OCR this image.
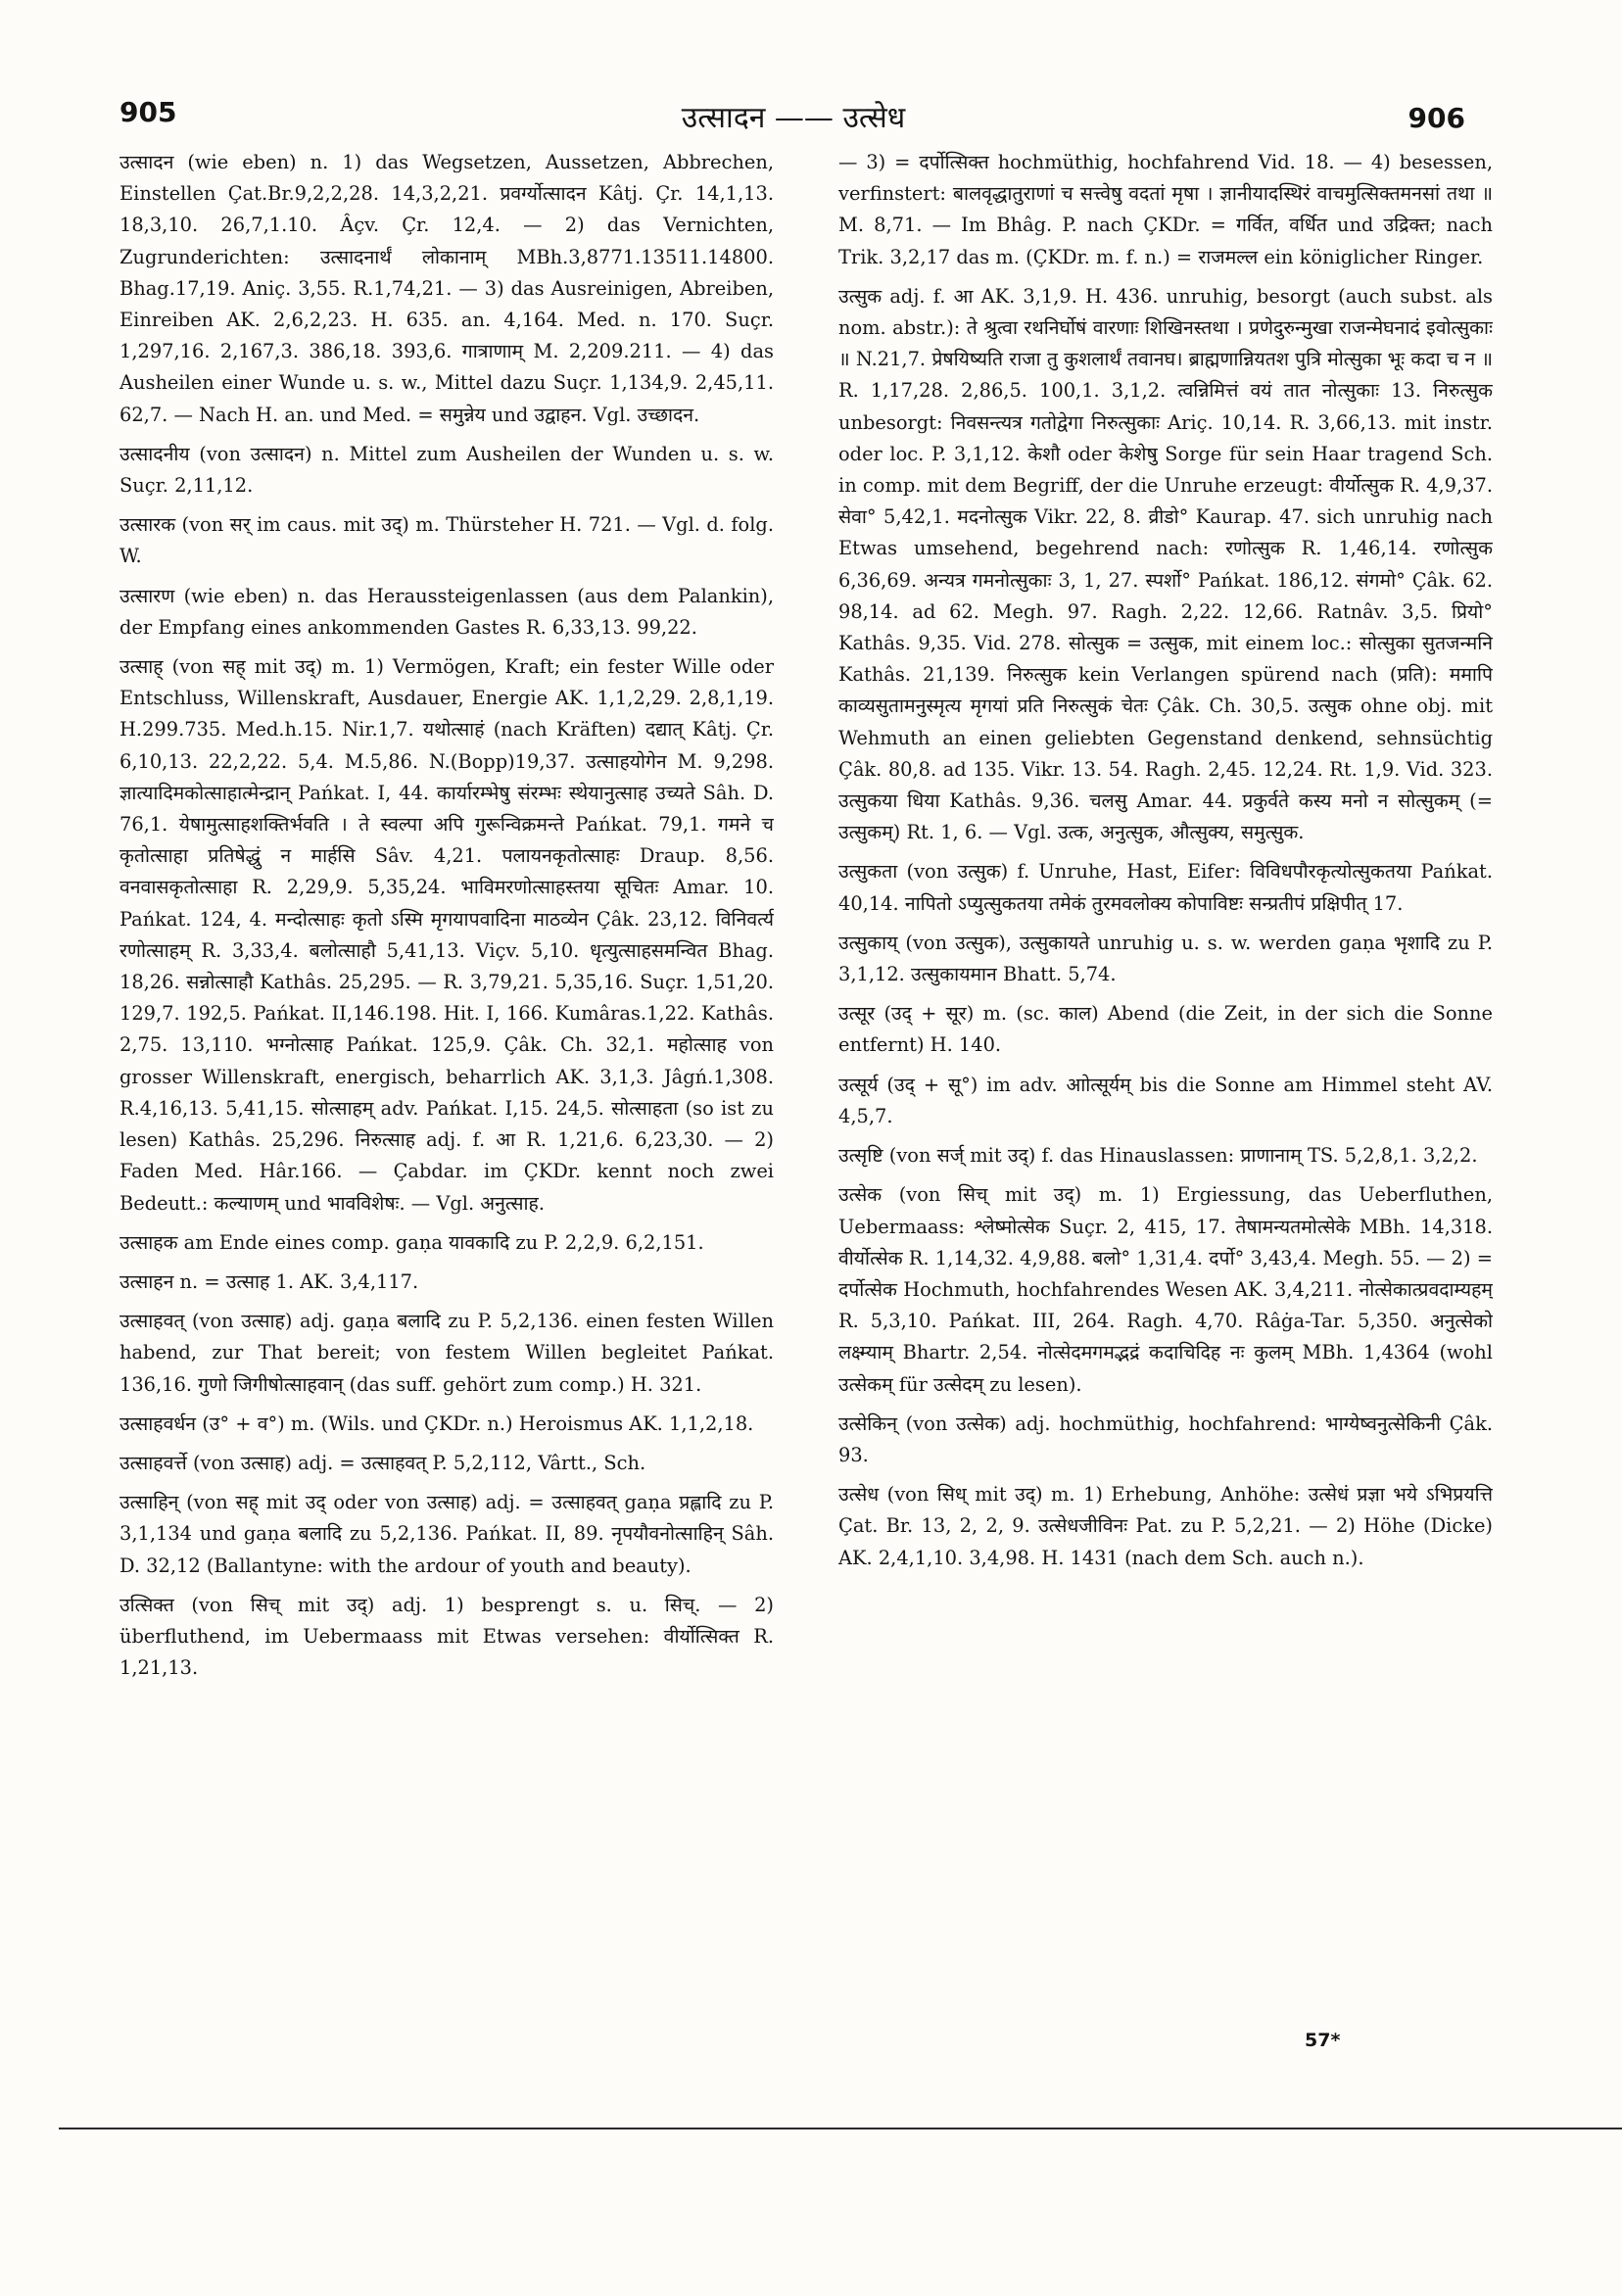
905	उत्सादन —— उत्सेध	906

उत्सादन (wie eben) n. 1) das Wegsetzen, Aussetzen, Abbrechen, Einstellen Çat.Br.9,2,2,28. 14,3,2,21. प्रवर्ग्योत्सादन Kâtj. Çr. 14,1,13. 18,3,10. 26,7,1.10. Âçv. Çr. 12,4. — 2) das Vernichten, Zugrunderichten: उत्सादनार्थं लोकानाम् MBh.3,8771.13511.14800. Bhag.17,19. Aniç. 3,55. R.1,74,21. — 3) das Ausreinigen, Abreiben, Einreiben AK. 2,6,2,23. H. 635. an. 4,164. Med. n. 170. Suçr. 1,297,16. 2,167,3. 386,18. 393,6. गात्राणाम् M. 2,209.211. — 4) das Ausheilen einer Wunde u. s. w., Mittel dazu Suçr. 1,134,9. 2,45,11. 62,7. — Nach H. an. und Med. = समुन्नेय und उद्वाहन. Vgl. उच्छादन.

उत्सादनीय (von उत्सादन) n. Mittel zum Ausheilen der Wunden u. s. w. Suçr. 2,11,12.

उत्सारक (von सर् im caus. mit उद्) m. Thürsteher H. 721. — Vgl. d. folg. W.

उत्सारण (wie eben) n. das Heraussteigenlassen (aus dem Palankin), der Empfang eines ankommenden Gastes R. 6,33,13. 99,22.

उत्साह् (von सह् mit उद्) m. 1) Vermögen, Kraft; ein fester Wille oder Entschluss, Willenskraft, Ausdauer, Energie AK. 1,1,2,29. 2,8,1,19. H.299.735. Med.h.15. Nir.1,7. यथोत्साहं (nach Kräften) दद्यात् Kâtj. Çr. 6,10,13. 22,2,22. 5,4. M.5,86. N.(Bopp)19,37. उत्साहयोगेन M. 9,298. ज्ञात्यादिमकोत्साहात्मेन्द्रान् Pańkat. I, 44. कार्यारम्भेषु संरम्भः स्थेयानुत्साह उच्यते Sâh. D. 76,1. येषामुत्साहशक्तिर्भवति । ते स्वल्पा अपि गुरून्विक्रमन्ते Pańkat. 79,1. गमने च कृतोत्साहा प्रतिषेद्धुं न मार्हसि Sâv. 4,21. पलायनकृतोत्साहः Draup. 8,56. वनवासकृतोत्साहा R. 2,29,9. 5,35,24. भाविमरणोत्साहस्तया सूचितः Amar. 10. Pańkat. 124, 4. मन्दोत्साहः कृतो ऽस्मि मृगयापवादिना माठव्येन Çâk. 23,12. विनिवर्त्य रणोत्साहम् R. 3,33,4. बलोत्साहौ 5,41,13. Viçv. 5,10. धृत्युत्साहसमन्वित Bhag. 18,26. सन्नोत्साहौ Kathâs. 25,295. — R. 3,79,21. 5,35,16. Suçr. 1,51,20. 129,7. 192,5. Pańkat. II,146.198. Hit. I, 166. Kumâras.1,22. Kathâs. 2,75. 13,110. भग्नोत्साह Pańkat. 125,9. Çâk. Ch. 32,1. महोत्साह von grosser Willenskraft, energisch, beharrlich AK. 3,1,3. Jâgń.1,308. R.4,16,13. 5,41,15. सोत्साहम् adv. Pańkat. I,15. 24,5. सोत्साहता (so ist zu lesen) Kathâs. 25,296. निरुत्साह adj. f. आ R. 1,21,6. 6,23,30. — 2) Faden Med. Hâr.166. — Çabdar. im ÇKDr. kennt noch zwei Bedeutt.: कल्याणम् und भावविशेषः. — Vgl. अनुत्साह.

उत्साहक am Ende eines comp. gaṇa यावकादि zu P. 2,2,9. 6,2,151.

उत्साहन n. = उत्साह 1. AK. 3,4,117.

उत्साहवत् (von उत्साह) adj. gaṇa बलादि zu P. 5,2,136. einen festen Willen habend, zur That bereit; von festem Willen begleitet Pańkat. 136,16. गुणो जिगीषोत्साहवान् (das suff. gehört zum comp.) H. 321.

उत्साहवर्धन (उ° + व°) m. (Wils. und ÇKDr. n.) Heroismus AK. 1,1,2,18.

उत्साहवर्त्ते (von उत्साह) adj. = उत्साहवत् P. 5,2,112, Vârtt., Sch.

उत्साहिन् (von सह् mit उद् oder von उत्साह) adj. = उत्साहवत् gaṇa प्रह्लादि zu P. 3,1,134 und gaṇa बलादि zu 5,2,136. Pańkat. II, 89. नृपयौवनोत्साहिन् Sâh. D. 32,12 (Ballantyne: with the ardour of youth and beauty).

उत्सिक्त (von सिच् mit उद्) adj. 1) besprengt s. u. सिच्. — 2) überfluthend, im Uebermaass mit Etwas versehen: वीर्योत्सिक्त R. 1,21,13.

— 3) = दर्पोत्सिक्त hochmüthig, hochfahrend Vid. 18. — 4) besessen, verfinstert: बालवृद्धातुराणां च सत्त्वेषु वदतां मृषा । ज्ञानीयादस्थिरं वाचमुत्सिक्तमनसां तथा ॥ M. 8,71. — Im Bhâg. P. nach ÇKDr. = गर्वित, वर्धित und उद्रिक्त; nach Trik. 3,2,17 das m. (ÇKDr. m. f. n.) = राजमल्ल ein königlicher Ringer.

उत्सुक adj. f. आ AK. 3,1,9. H. 436. unruhig, besorgt (auch subst. als nom. abstr.): ते श्रुत्वा रथनिर्घोषं वारणाः शिखिनस्तथा । प्रणेदुरुन्मुखा राजन्मेघनादं इवोत्सुकाः ॥ N.21,7. प्रेषयिष्यति राजा तु कुशलार्थं तवानघ। ब्राह्मणान्नियतश पुत्रि मोत्सुका भूः कदा च न ॥ R. 1,17,28. 2,86,5. 100,1. 3,1,2. त्वन्निमित्तं वयं तात नोत्सुकाः 13. निरुत्सुक unbesorgt: निवसन्त्यत्र गतोद्वेगा निरुत्सुकाः Ariç. 10,14. R. 3,66,13. mit instr. oder loc. P. 3,1,12. केशौ oder केशेषु Sorge für sein Haar tragend Sch. in comp. mit dem Begriff, der die Unruhe erzeugt: वीर्योत्सुक R. 4,9,37. सेवा° 5,42,1. मदनोत्सुक Vikr. 22, 8. व्रीडो° Kaurap. 47. sich unruhig nach Etwas umsehend, begehrend nach: रणोत्सुक R. 1,46,14. रणोत्सुक 6,36,69. अन्यत्र गमनोत्सुकाः 3, 1, 27. स्पर्शो° Pańkat. 186,12. संगमो° Çâk. 62. 98,14. ad 62. Megh. 97. Ragh. 2,22. 12,66. Ratnâv. 3,5. प्रियो° Kathâs. 9,35. Vid. 278. सोत्सुक = उत्सुक, mit einem loc.: सोत्सुका सुतजन्मनि Kathâs. 21,139. निरुत्सुक kein Verlangen spürend nach (प्रति): ममापि काव्यसुतामनुस्मृत्य मृगयां प्रति निरुत्सुकं चेतः Çâk. Ch. 30,5. उत्सुक ohne obj. mit Wehmuth an einen geliebten Gegenstand denkend, sehnsüchtig Çâk. 80,8. ad 135. Vikr. 13. 54. Ragh. 2,45. 12,24. Rt. 1,9. Vid. 323. उत्सुकया धिया Kathâs. 9,36. चलसु Amar. 44. प्रकुर्वते कस्य मनो न सोत्सुकम् (= उत्सुकम्) Rt. 1, 6. — Vgl. उत्क, अनुत्सुक, औत्सुक्य, समुत्सुक.

उत्सुकता (von उत्सुक) f. Unruhe, Hast, Eifer: विविधपौरकृत्योत्सुकतया Pańkat. 40,14. नापितो ऽप्युत्सुकतया तमेकं तुरमवलोक्य कोपाविष्टः सन्प्रतीपं प्रक्षिपीत् 17.

उत्सुकाय् (von उत्सुक), उत्सुकायते unruhig u. s. w. werden gaṇa भृशादि zu P. 3,1,12. उत्सुकायमान Bhatt. 5,74.

उत्सूर (उद् + सूर) m. (sc. काल) Abend (die Zeit, in der sich die Sonne entfernt) H. 140.

उत्सूर्य (उद् + सू°) im adv. आोत्सूर्यम् bis die Sonne am Himmel steht AV. 4,5,7.

उत्सृष्टि (von सर्ज् mit उद्) f. das Hinauslassen: प्राणानाम् TS. 5,2,8,1. 3,2,2.

उत्सेक (von सिच् mit उद्) m. 1) Ergiessung, das Ueberfluthen, Uebermaass: श्लेष्मोत्सेक Suçr. 2, 415, 17. तेषामन्यतमोत्सेके MBh. 14,318. वीर्योत्सेक R. 1,14,32. 4,9,88. बलो° 1,31,4. दर्पो° 3,43,4. Megh. 55. — 2) = दर्पोत्सेक Hochmuth, hochfahrendes Wesen AK. 3,4,211. नोत्सेकात्प्रवदाम्यहम् R. 5,3,10. Pańkat. III, 264. Ragh. 4,70. Râġa-Tar. 5,350. अनुत्सेको लक्ष्म्याम् Bhartr. 2,54. नोत्सेदमगमद्भद्रं कदाचिदिह नः कुलम् MBh. 1,4364 (wohl उत्सेकम् für उत्सेदम् zu lesen).

उत्सेकिन् (von उत्सेक) adj. hochmüthig, hochfahrend: भाग्येष्वनुत्सेकिनी Çâk. 93.

उत्सेध (von सिध् mit उद्) m. 1) Erhebung, Anhöhe: उत्सेधं प्रज्ञा भये ऽभिप्रयत्ति Çat. Br. 13, 2, 2, 9. उत्सेधजीविनः Pat. zu P. 5,2,21. — 2) Höhe (Dicke) AK. 2,4,1,10. 3,4,98. H. 1431 (nach dem Sch. auch n.).

57*
